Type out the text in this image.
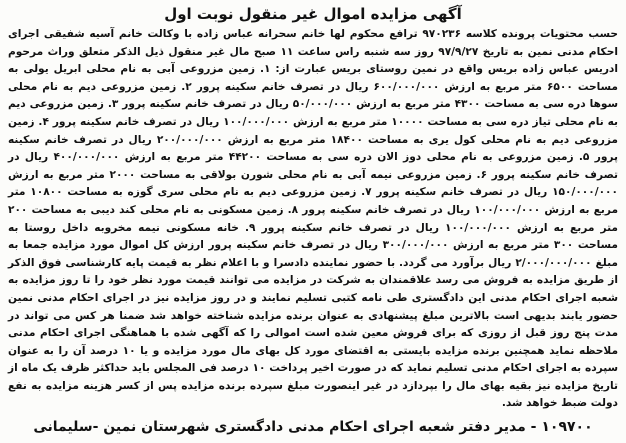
آگهی مزایده اموال غیر منقول نوبت اول

حسب محتویات پرونده کلاسه ۹۷۰۲۳۶ ترافع محکوم لها خانم سحرانه عباس زاده با وکالت خانم آسیه شفیقی اجرای احکام مدنی نمین به تاریخ ۹۷/۹/۲۷ روز سه شنبه راس ساعت ۱۱ صبح مال غیر منقول ذیل الذکر متعلق وراث مرحوم ادریس عباس زاده بریس واقع در نمین روستای بریس عبارت از: ۱. زمین مزروعی آبی به نام محلی ابریل یولی به مساحت ۶۵۰۰ متر مربع به ارزش ۶۰۰/۰۰۰/۰۰۰ ریال در تصرف خانم سکینه پرور ۲. زمین مزروعی دیم به نام محلی سوها دره سی به مساحت ۴۳۰۰ متر مربع به ارزش ۵۰/۰۰۰/۰۰۰ ریال در تصرف خانم سکینه پرور ۳. زمین مزروعی دیم به نام محلی تیاز دره سی به مساحت ۱۰۰۰۰ متر مربع به ارزش ۱۰۰/۰۰۰/۰۰۰ ریال در تصرف خانم سکینه پرور ۴. زمین مزروعی دیم به نام محلی کول یری به مساحت ۱۸۴۰۰ متر مربع به ارزش ۲۰۰/۰۰۰/۰۰۰ ریال در تصرف خانم سکینه پرور ۵. زمین مزروعی به نام محلی دوز الان دره سی به مساحت ۴۴۲۰۰ متر مربع به ارزش ۴۰۰/۰۰۰/۰۰۰ ریال در تصرف خانم سکینه پرور ۶. زمین مزروعی نیمه آبی به نام محلی شورن بولاقی به مساحت ۲۰۰۰ متر مربع به ارزش ۱۵۰/۰۰۰/۰۰۰ ریال در تصرف خانم سکینه پرور ۷. زمین مزروعی دیم به نام محلی سری گوزه به مساحت ۱۰۸۰۰ متر مربع به ارزش ۱۰۰/۰۰۰/۰۰۰ ریال در تصرف خانم سکینه پرور ۸. زمین مسکونی به نام محلی کند دیبی به مساحت ۲۰۰ متر مربع به ارزش ۱۰۰/۰۰۰/۰۰۰ ریال در تصرف خانم سکینه پرور ۹. خانه مسکونی نیمه مخروبه داخل روستا به مساحت ۳۰۰ متر مربع به ارزش ۳۰۰/۰۰۰/۰۰۰ ریال در تصرف خانم سکینه پرور ارزش کل اموال مورد مزایده جمعا به مبلغ ۲/۰۰۰/۰۰۰/۰۰۰ ریال برآورد می گردد. با حضور نماینده دادسرا و با اعلام نظر به قیمت پایه کارشناسی فوق الذکر از طریق مزایده به فروش می رسد علاقمندان به شرکت در مزایده می توانند قیمت مورد نظر خود را تا روز مزایده به شعبه اجرای احکام مدنی این دادگستری طی نامه کتبی تسلیم نمایند و در روز مزایده نیز در اجرای احکام مدنی نمین حضور یابند بدیهی است بالاترین مبلغ پیشنهادی به عنوان برنده مزایده شناخته خواهد شد ضمنا هر کس می تواند در مدت پنج روز قبل از روزی که برای فروش معین شده است اموالی را که آگهی شده با هماهنگی اجرای احکام مدنی ملاحظه نماید همچنین برنده مزایده بایستی به اقتضای مورد کل بهای مال مورد مزایده و یا ۱۰ درصد آن را به عنوان سپرده به اجرای احکام مدنی تسلیم نماید که در صورت اخیر پرداخت ۱۰ درصد فی المجلس باید حداکثر ظرف یک ماه از تاریخ مزایده نیز بقیه بهای مال را بپردازد در غیر اینصورت مبلغ سپرده برنده مزایده پس از کسر هزینه مزایده به نفع دولت ضبط خواهد شد.

۱۰۹۷۰۰ - مدیر دفتر شعبه اجرای احکام مدنی دادگستری شهرستان نمین -سلیمانی
